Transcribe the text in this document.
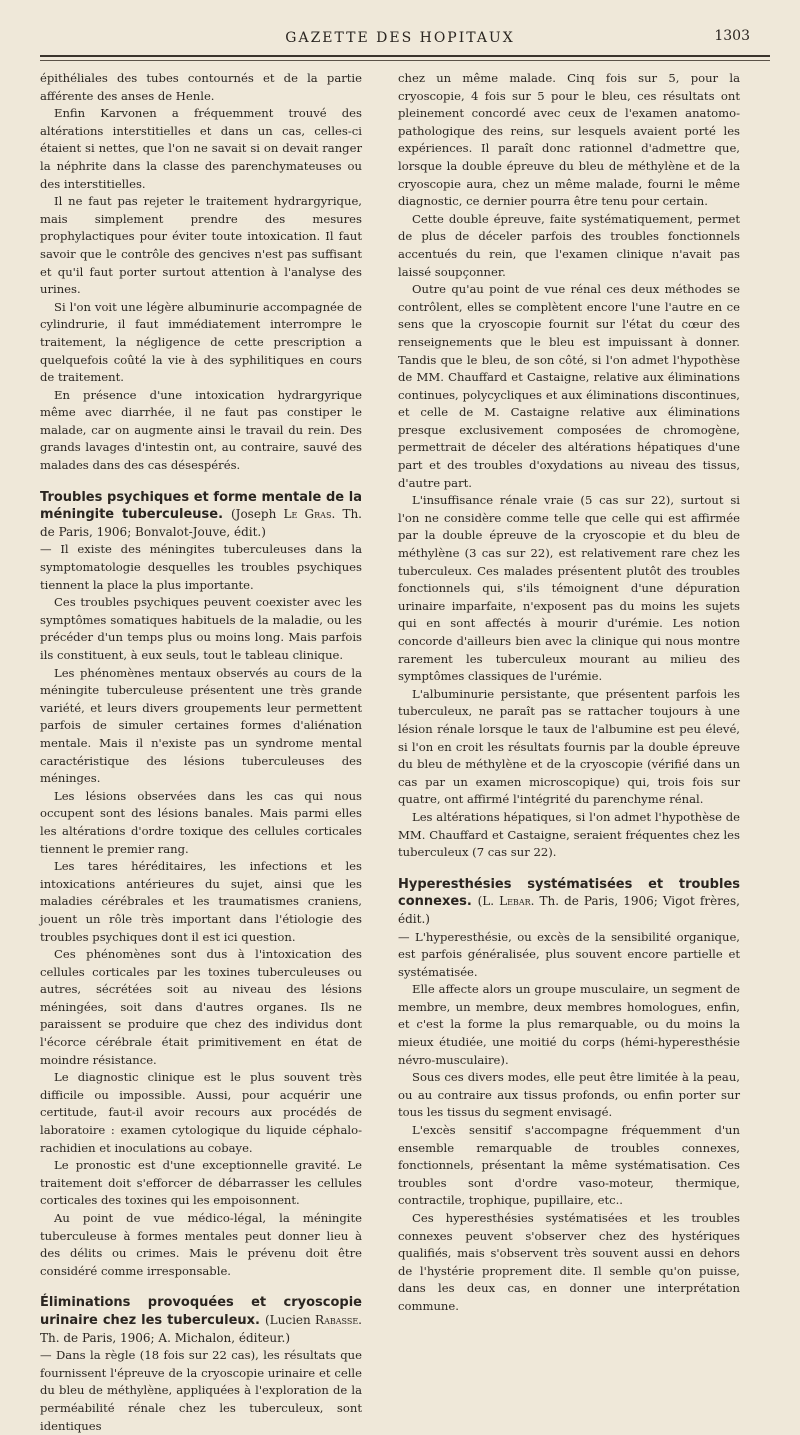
GAZETTE DES HOPITAUX	1303

épithéliales des tubes contournés et de la partie afférente des anses de Henle.

Enfin Karvonen a fréquemment trouvé des altérations interstitielles et dans un cas, celles-ci étaient si nettes, que l'on ne savait si on devait ranger la néphrite dans la classe des parenchymateuses ou des interstitielles.

Il ne faut pas rejeter le traitement hydrargyrique, mais simplement prendre des mesures prophylactiques pour éviter toute intoxication. Il faut savoir que le contrôle des gencives n'est pas suffisant et qu'il faut porter surtout attention à l'analyse des urines.

Si l'on voit une légère albuminurie accompagnée de cylindrurie, il faut immédiatement interrompre le traitement, la négligence de cette prescription a quelquefois coûté la vie à des syphilitiques en cours de traitement.

En présence d'une intoxication hydrargyrique même avec diarrhée, il ne faut pas constiper le malade, car on augmente ainsi le travail du rein. Des grands lavages d'intestin ont, au contraire, sauvé des malades dans des cas désespérés.

Troubles psychiques et forme mentale de la méningite tuberculeuse. (Joseph Le Gras. Th. de Paris, 1906; Bonvalot-Jouve, édit.)

— Il existe des méningites tuberculeuses dans la symptomatologie desquelles les troubles psychiques tiennent la place la plus importante.

Ces troubles psychiques peuvent coexister avec les symptômes somatiques habituels de la maladie, ou les précéder d'un temps plus ou moins long. Mais parfois ils constituent, à eux seuls, tout le tableau clinique.

Les phénomènes mentaux observés au cours de la méningite tuberculeuse présentent une très grande variété, et leurs divers groupements leur permettent parfois de simuler certaines formes d'aliénation mentale. Mais il n'existe pas un syndrome mental caractéristique des lésions tuberculeuses des méninges.

Les lésions observées dans les cas qui nous occupent sont des lésions banales. Mais parmi elles les altérations d'ordre toxique des cellules corticales tiennent le premier rang.

Les tares héréditaires, les infections et les intoxications antérieures du sujet, ainsi que les maladies cérébrales et les traumatismes craniens, jouent un rôle très important dans l'étiologie des troubles psychiques dont il est ici question.

Ces phénomènes sont dus à l'intoxication des cellules corticales par les toxines tuberculeuses ou autres, sécrétées soit au niveau des lésions méningées, soit dans d'autres organes. Ils ne paraissent se produire que chez des individus dont l'écorce cérébrale était primitivement en état de moindre résistance.

Le diagnostic clinique est le plus souvent très difficile ou impossible. Aussi, pour acquérir une certitude, faut-il avoir recours aux procédés de laboratoire : examen cytologique du liquide céphalo-rachidien et inoculations au cobaye.

Le pronostic est d'une exceptionnelle gravité. Le traitement doit s'efforcer de débarrasser les cellules corticales des toxines qui les empoisonnent.

Au point de vue médico-légal, la méningite tuberculeuse à formes mentales peut donner lieu à des délits ou crimes. Mais le prévenu doit être considéré comme irresponsable.

Éliminations provoquées et cryoscopie urinaire chez les tuberculeux. (Lucien Rabasse. Th. de Paris, 1906; A. Michalon, éditeur.)

— Dans la règle (18 fois sur 22 cas), les résultats que fournissent l'épreuve de la cryoscopie urinaire et celle du bleu de méthylène, appliquées à l'exploration de la perméabilité rénale chez les tuberculeux, sont identiques

chez un même malade. Cinq fois sur 5, pour la cryoscopie, 4 fois sur 5 pour le bleu, ces résultats ont pleinement concordé avec ceux de l'examen anatomo-pathologique des reins, sur lesquels avaient porté les expériences. Il paraît donc rationnel d'admettre que, lorsque la double épreuve du bleu de méthylène et de la cryoscopie aura, chez un même malade, fourni le même diagnostic, ce dernier pourra être tenu pour certain.

Cette double épreuve, faite systématiquement, permet de plus de déceler parfois des troubles fonctionnels accentués du rein, que l'examen clinique n'avait pas laissé soupçonner.

Outre qu'au point de vue rénal ces deux méthodes se contrôlent, elles se complètent encore l'une l'autre en ce sens que la cryoscopie fournit sur l'état du cœur des renseignements que le bleu est impuissant à donner. Tandis que le bleu, de son côté, si l'on admet l'hypothèse de MM. Chauffard et Castaigne, relative aux éliminations continues, polycycliques et aux éliminations discontinues, et celle de M. Castaigne relative aux éliminations presque exclusivement composées de chromogène, permettrait de déceler des altérations hépatiques d'une part et des troubles d'oxydations au niveau des tissus, d'autre part.

L'insuffisance rénale vraie (5 cas sur 22), surtout si l'on ne considère comme telle que celle qui est affirmée par la double épreuve de la cryoscopie et du bleu de méthylène (3 cas sur 22), est relativement rare chez les tuberculeux. Ces malades présentent plutôt des troubles fonctionnels qui, s'ils témoignent d'une dépuration urinaire imparfaite, n'exposent pas du moins les sujets qui en sont affectés à mourir d'urémie. Les notion concorde d'ailleurs bien avec la clinique qui nous montre rarement les tuberculeux mourant au milieu des symptômes classiques de l'urémie.

L'albuminurie persistante, que présentent parfois les tuberculeux, ne paraît pas se rattacher toujours à une lésion rénale lorsque le taux de l'albumine est peu élevé, si l'on en croit les résultats fournis par la double épreuve du bleu de méthylène et de la cryoscopie (vérifié dans un cas par un examen microscopique) qui, trois fois sur quatre, ont affirmé l'intégrité du parenchyme rénal.

Les altérations hépatiques, si l'on admet l'hypothèse de MM. Chauffard et Castaigne, seraient fréquentes chez les tuberculeux (7 cas sur 22).

Hyperesthésies systématisées et troubles connexes. (L. Lebar. Th. de Paris, 1906; Vigot frères, édit.)

— L'hyperesthésie, ou excès de la sensibilité organique, est parfois généralisée, plus souvent encore partielle et systématisée.

Elle affecte alors un groupe musculaire, un segment de membre, un membre, deux membres homologues, enfin, et c'est la forme la plus remarquable, ou du moins la mieux étudiée, une moitié du corps (hémi-hyperesthésie névro-musculaire).

Sous ces divers modes, elle peut être limitée à la peau, ou au contraire aux tissus profonds, ou enfin porter sur tous les tissus du segment envisagé.

L'excès sensitif s'accompagne fréquemment d'un ensemble remarquable de troubles connexes, fonctionnels, présentant la même systématisation. Ces troubles sont d'ordre vaso-moteur, thermique, contractile, trophique, pupillaire, etc..

Ces hyperesthésies systématisées et les troubles connexes peuvent s'observer chez des hystériques qualifiés, mais s'observent très souvent aussi en dehors de l'hystérie proprement dite. Il semble qu'on puisse, dans les deux cas, en donner une interprétation commune.
